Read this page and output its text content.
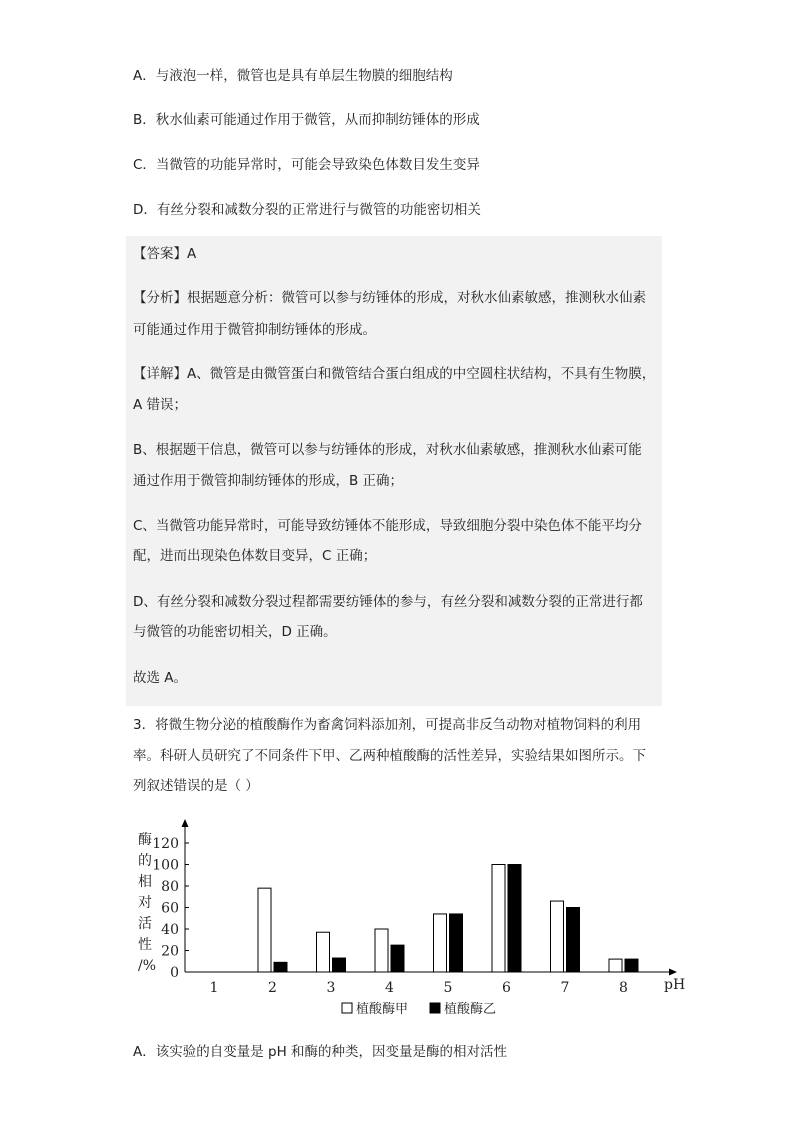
A．与液泡一样，微管也是具有单层生物膜的细胞结构
B．秋水仙素可能通过作用于微管，从而抑制纺锤体的形成
C．当微管的功能异常时，可能会导致染色体数目发生变异
D．有丝分裂和减数分裂的正常进行与微管的功能密切相关
【答案】A
【分析】根据题意分析：微管可以参与纺锤体的形成，对秋水仙素敏感，推测秋水仙素
可能通过作用于微管抑制纺锤体的形成。
【详解】A、微管是由微管蛋白和微管结合蛋白组成的中空圆柱状结构，不具有生物膜，
A 错误；
B、根据题干信息，微管可以参与纺锤体的形成，对秋水仙素敏感，推测秋水仙素可能
通过作用于微管抑制纺锤体的形成，B 正确；
C、当微管功能异常时，可能导致纺锤体不能形成，导致细胞分裂中染色体不能平均分
配，进而出现染色体数目变异，C 正确；
D、有丝分裂和减数分裂过程都需要纺锤体的参与，有丝分裂和减数分裂的正常进行都
与微管的功能密切相关，D 正确。
故选 A。
3．将微生物分泌的植酸酶作为畜禽饲料添加剂，可提高非反刍动物对植物饲料的利用
率。科研人员研究了不同条件下甲、乙两种植酸酶的活性差异，实验结果如图所示。下
列叙述错误的是（ ）
酶
的
相
对
活
性
/% 0
20
40
60
80
100
120
1	2	3	4	5	6	7	8	pH
植酸酶甲	植酸酶乙
A．该实验的自变量是 pH 和酶的种类，因变量是酶的相对活性
